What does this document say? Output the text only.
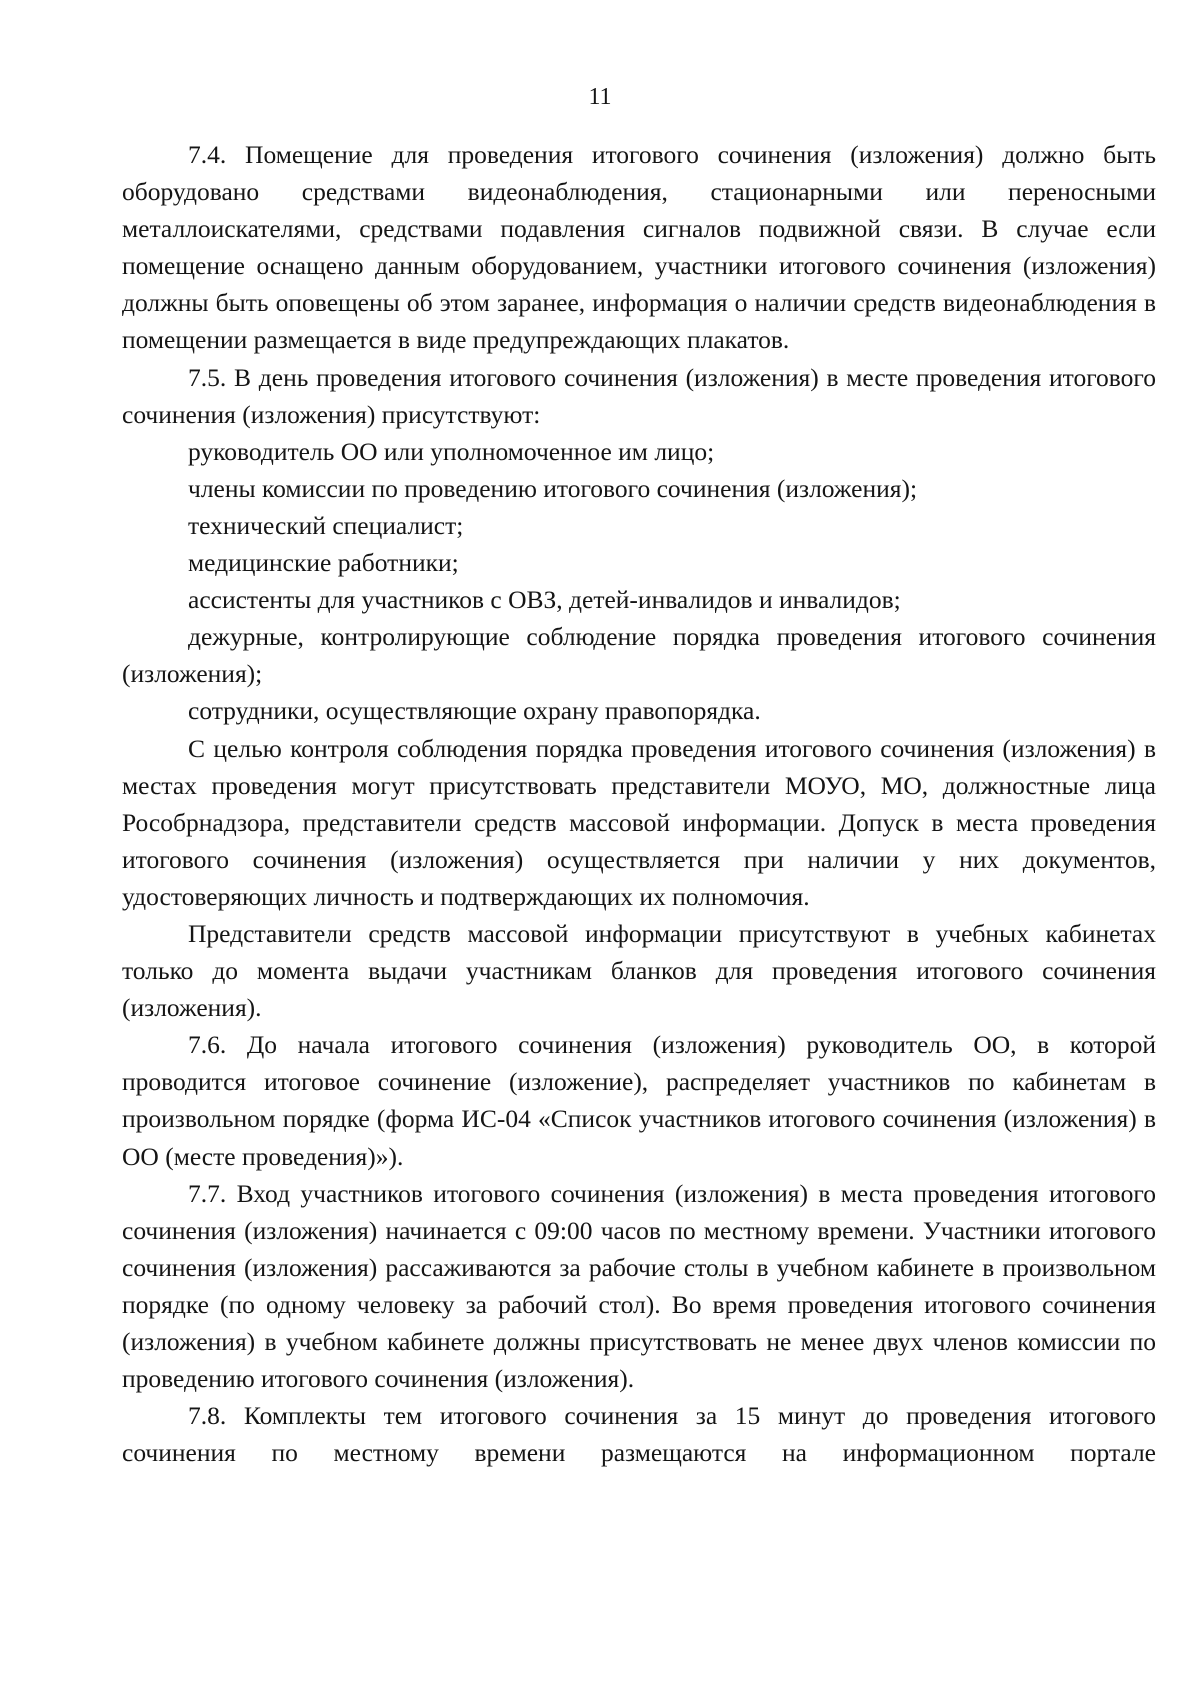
11

7.4. Помещение для проведения итогового сочинения (изложения) должно быть оборудовано средствами видеонаблюдения, стационарными или переносными металлоискателями, средствами подавления сигналов подвижной связи. В случае если помещение оснащено данным оборудованием, участники итогового сочинения (изложения) должны быть оповещены об этом заранее, информация о наличии средств видеонаблюдения в помещении размещается в виде предупреждающих плакатов.

7.5. В день проведения итогового сочинения (изложения) в месте проведения итогового сочинения (изложения) присутствуют:

руководитель ОО или уполномоченное им лицо;

члены комиссии по проведению итогового сочинения (изложения);

технический специалист;

медицинские работники;

ассистенты для участников с ОВЗ, детей-инвалидов и инвалидов;

дежурные, контролирующие соблюдение порядка проведения итогового сочинения (изложения);

сотрудники, осуществляющие охрану правопорядка.

С целью контроля соблюдения порядка проведения итогового сочинения (изложения) в местах проведения могут присутствовать представители МОУО, МО, должностные лица Рособрнадзора, представители средств массовой информации. Допуск в места проведения итогового сочинения (изложения) осуществляется при наличии у них документов, удостоверяющих личность и подтверждающих их полномочия.

Представители средств массовой информации присутствуют в учебных кабинетах только до момента выдачи участникам бланков для проведения итогового сочинения (изложения).

7.6. До начала итогового сочинения (изложения) руководитель ОО, в которой проводится итоговое сочинение (изложение), распределяет участников по кабинетам в произвольном порядке (форма ИС-04 «Список участников итогового сочинения (изложения) в ОО (месте проведения)»).

7.7. Вход участников итогового сочинения (изложения) в места проведения итогового сочинения (изложения) начинается с 09:00 часов по местному времени. Участники итогового сочинения (изложения) рассаживаются за рабочие столы в учебном кабинете в произвольном порядке (по одному человеку за рабочий стол). Во время проведения итогового сочинения (изложения) в учебном кабинете должны присутствовать не менее двух членов комиссии по проведению итогового сочинения (изложения).

7.8. Комплекты тем итогового сочинения за 15 минут до проведения итогового сочинения по местному времени размещаются на информационном портале
